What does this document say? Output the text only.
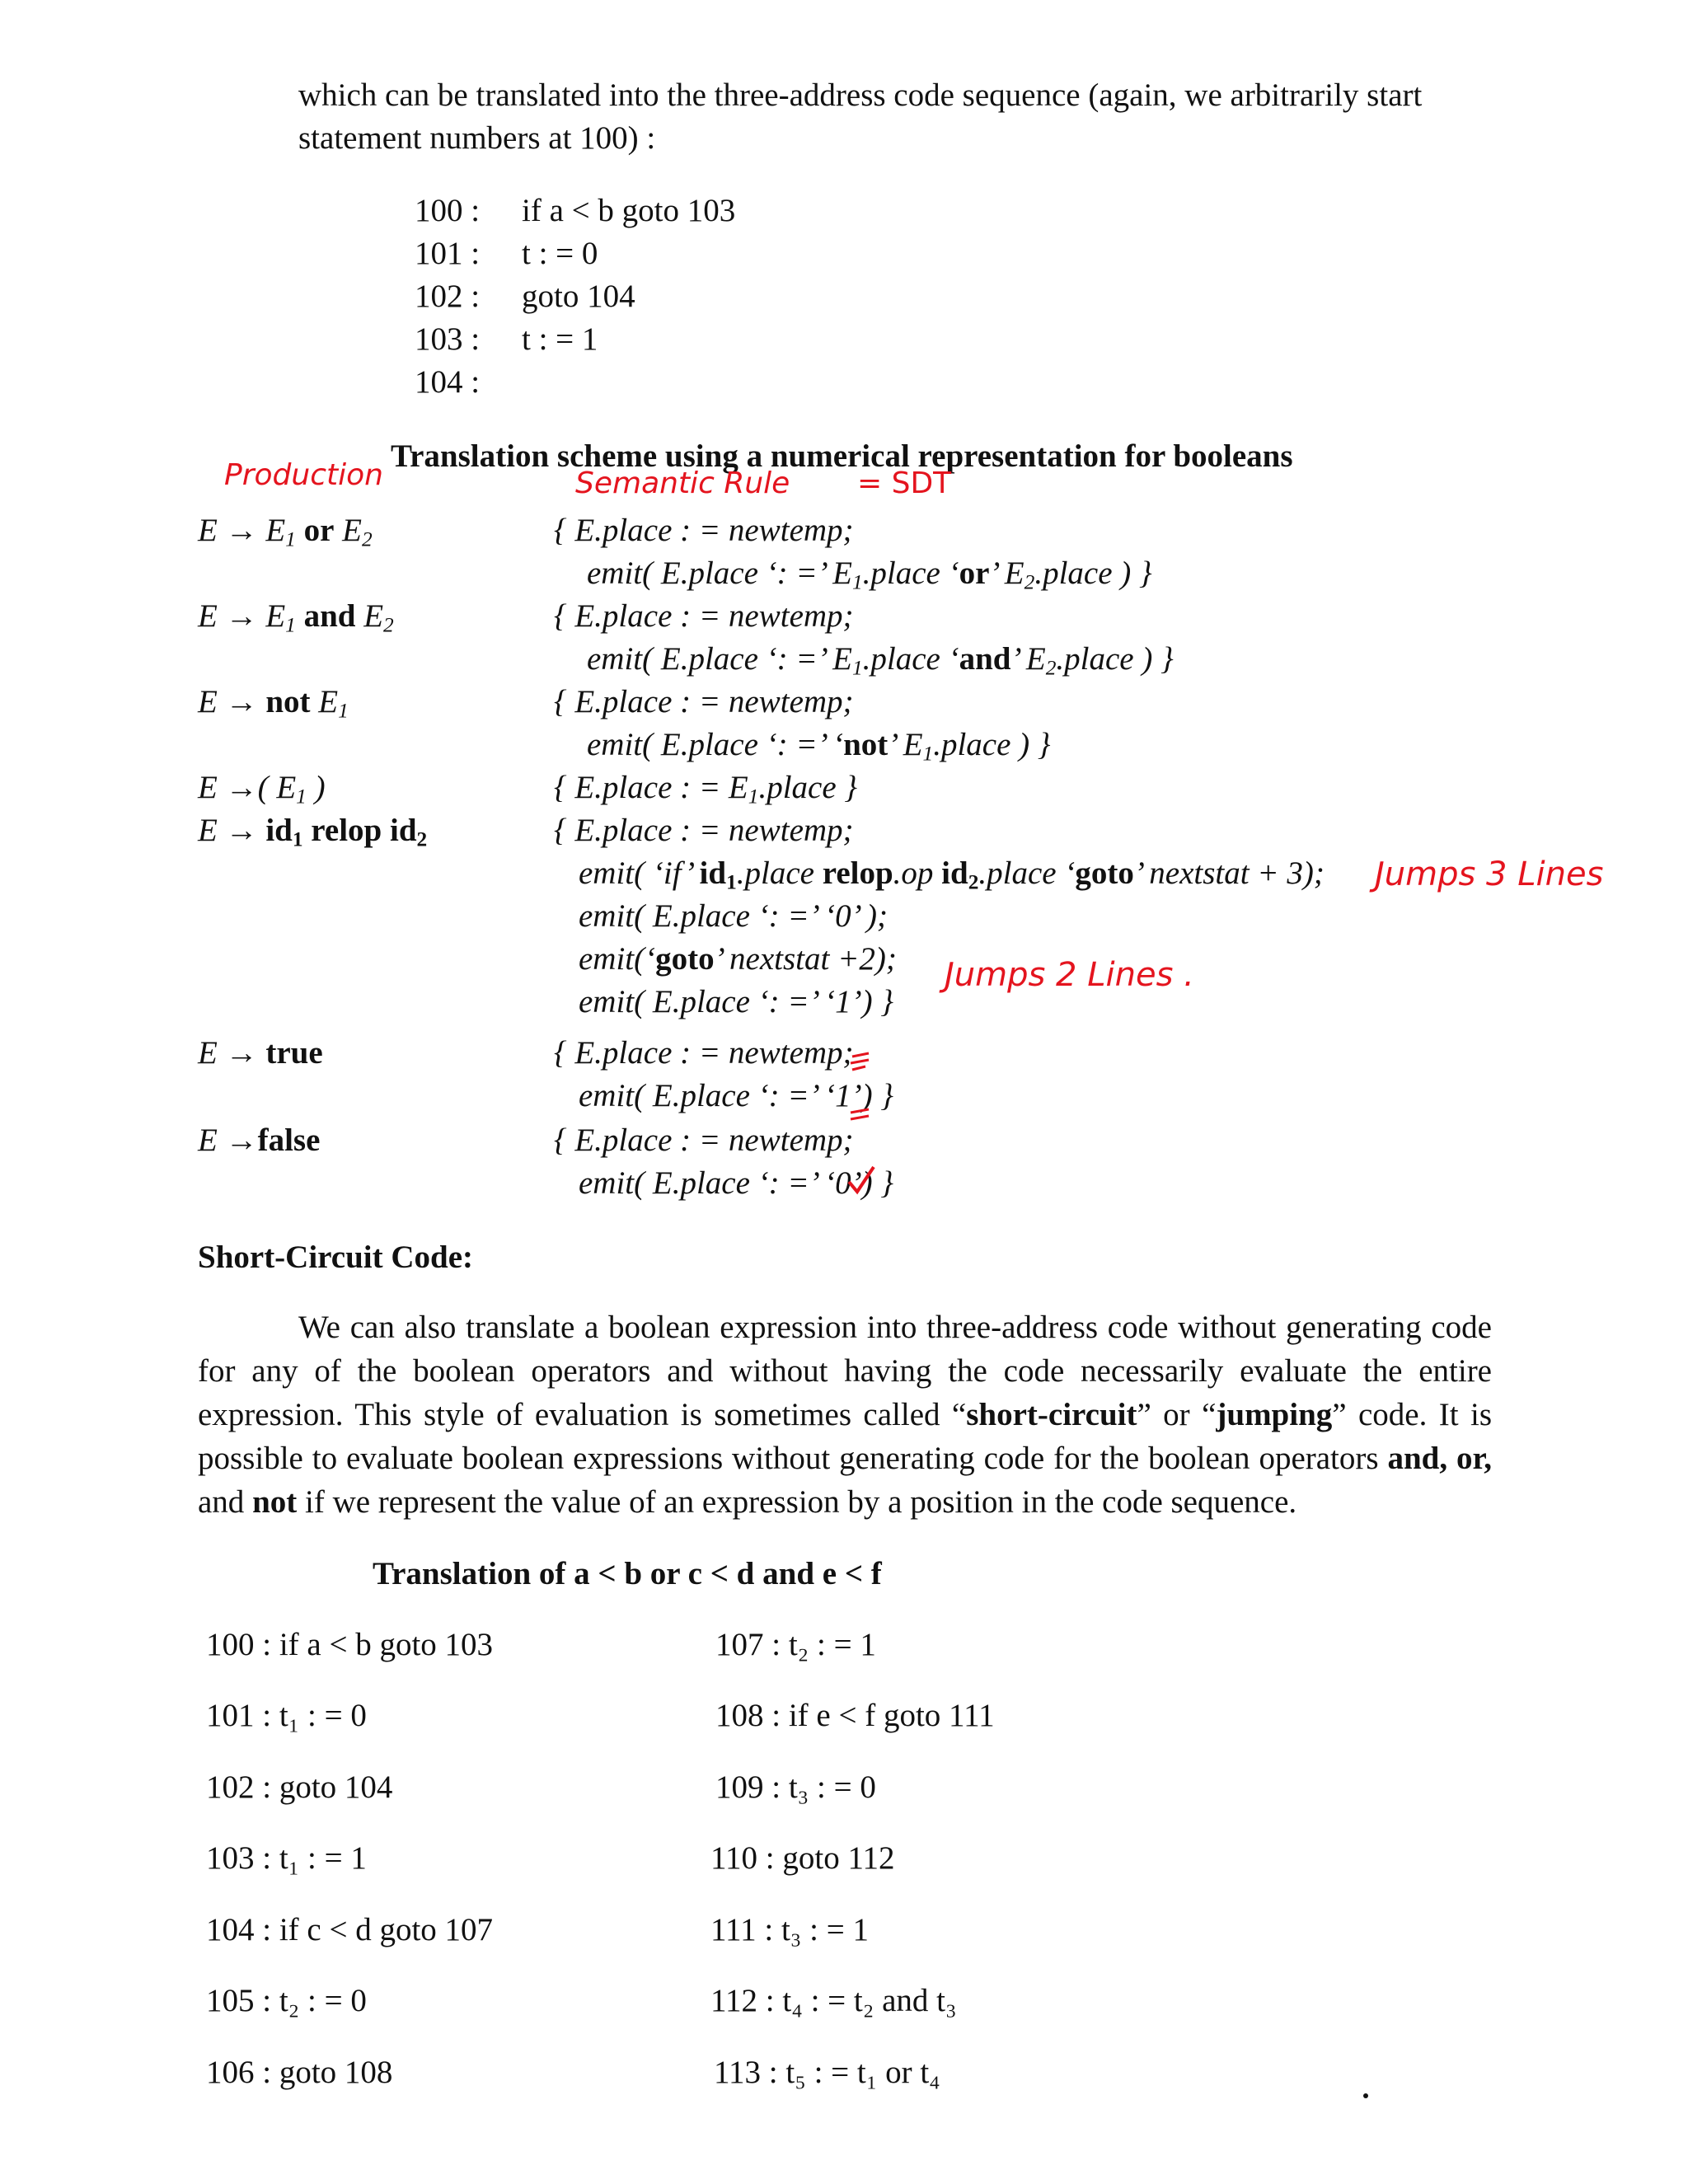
which can be translated into the three-address code sequence (again, we arbitrarily start
statement numbers at 100) :
100 : if a < b goto 103
101 : t : = 0
102 : goto 104
103 : t : = 1
104 :
Translation scheme using a numerical representation for booleans
Production	Semantic Rule = SDT
$E \to E_1$ or $E_2$
$E \to E_1$ and $E_2$
E → not $E_1$
E →( $E_1$ )
$E \to id_1$ relop $id_2$
E → true
E →false
{ E.place : = newtemp;
emit( E.place ‘: =’ $E_1.place$ ‘or’ $E_2.place$ ) }
{ E.place : = newtemp;
emit( E.place ‘: =’ $E_1.place$ ‘and’ $E_2.place$ ) }
{ E.place : = newtemp;
emit( E.place ‘: =’ ‘not’ $E_1.place$ ) }
{ E.place : = $E_1.place$ }
{ E.place : = newtemp;
emit( ‘if’ $id_1.place$ relop.op $id_2.place$ ‘goto’ nextstat + 3); Jumps 3 Lines
emit( E.place ‘: =’ ‘0’ );
emit(‘goto’ nextstat +2); Jumps 2 Lines .
emit( E.place ‘: =’ ‘1’) }
{ E.place : = newtemp;
emit( E.place ‘: =’ ‘1’) }
{ E.place : = newtemp;
emit( E.place ‘: =’ ‘0’) }
Short-Circuit Code:
We can also translate a boolean expression into three-address code without generating code for any of the boolean operators and without having the code necessarily evaluate the entire expression. This style of evaluation is sometimes called “short-circuit” or “jumping” code. It is possible to evaluate boolean expressions without generating code for the boolean operators and, or, and not if we represent the value of an expression by a position in the code sequence.
Translation of a < b or c < d and e < f
100 : if a < b goto 103
101 : t₁ : = 0
102 : goto 104
103 : t₁ : = 1
104 : if c < d goto 107
105 : t₂ : = 0
106 : goto 108
107 : t₂ : = 1
108 : if e < f goto 111
109 : t₃ : = 0
110 : goto 112
111 : t₃ : = 1
112 : t₄ : = t₂ and t₃
113 : t₅ : = t₁ or t₄
